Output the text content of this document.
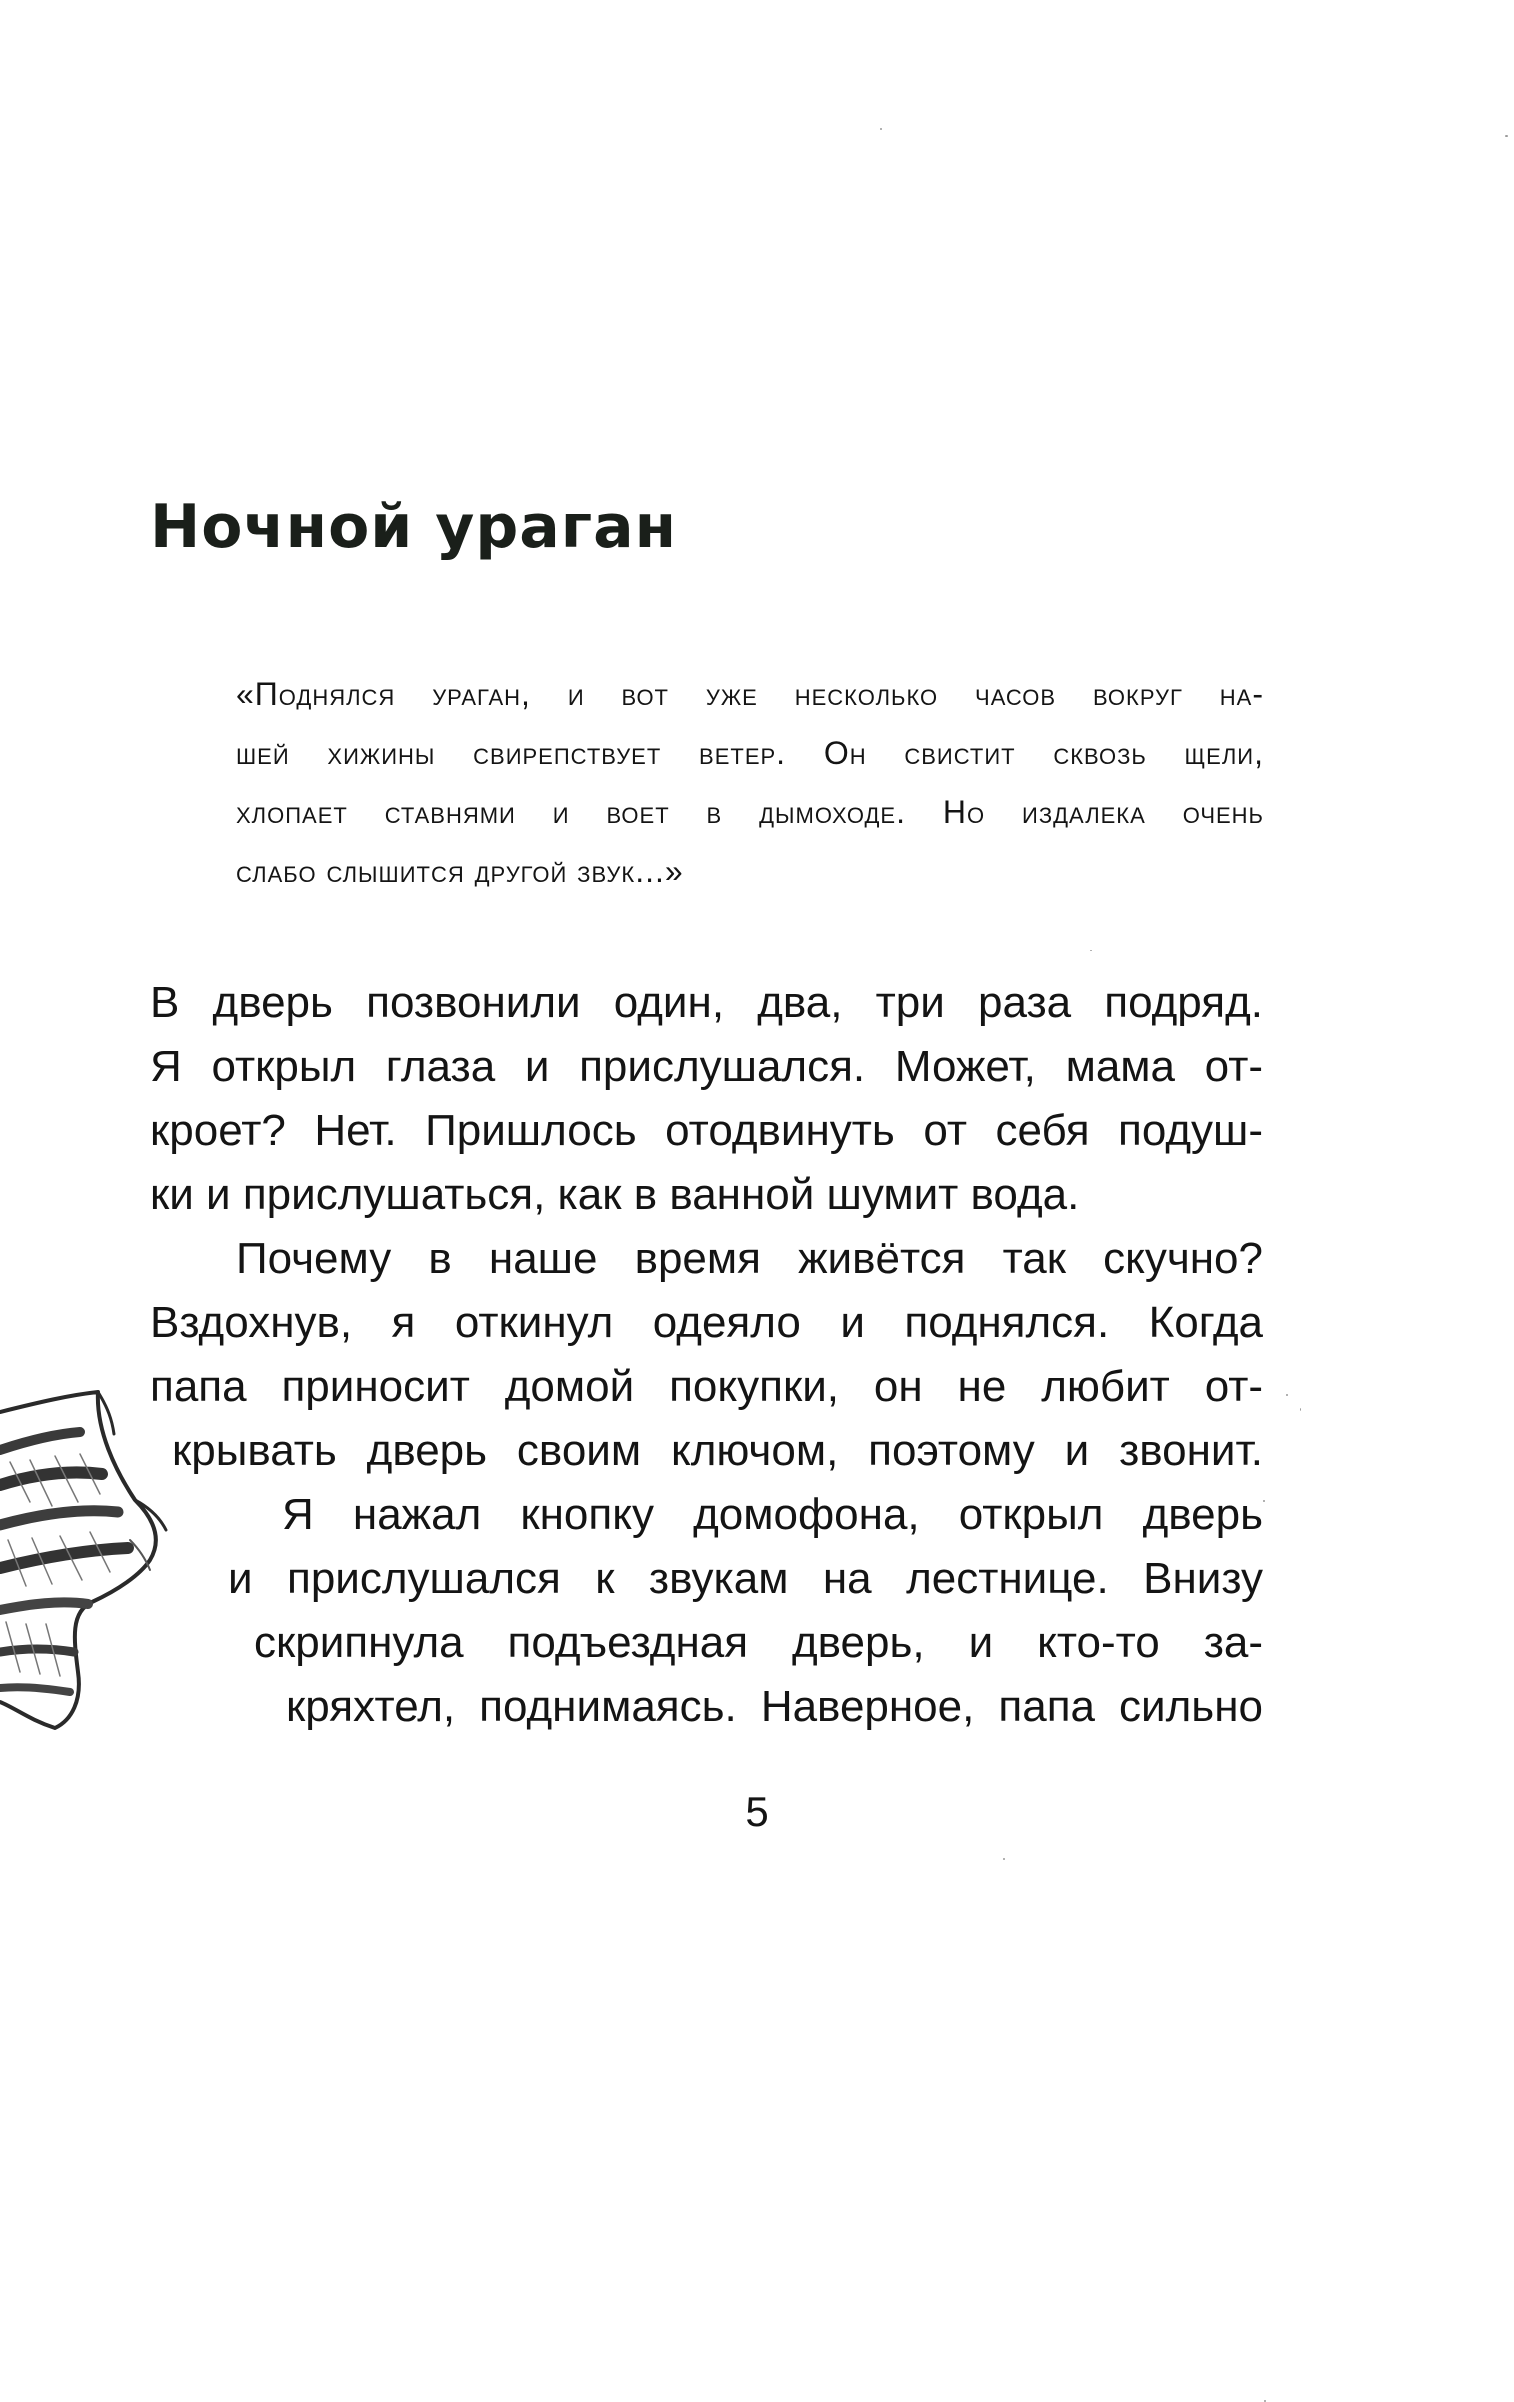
Ночной ураган
«Поднялся ураган, и вот уже несколько часов вокруг на-
шей хижины свирепствует ветер. Он свистит сквозь щели,
хлопает ставнями и воет в дымоходе. Но издалека очень
слабо слышится другой звук...»
В дверь позвонили один, два, три раза подряд.
Я открыл глаза и прислушался. Может, мама от-
кроет? Нет. Пришлось отодвинуть от себя подуш-
ки и прислушаться, как в ванной шумит вода.
Почему в наше время живётся так скучно?
Вздохнув, я откинул одеяло и поднялся. Когда
папа приносит домой покупки, он не любит от-
крывать дверь своим ключом, поэтому и звонит.
Я нажал кнопку домофона, открыл дверь
и прислушался к звукам на лестнице. Внизу
скрипнула подъездная дверь, и кто-то за-
кряхтел, поднимаясь. Наверное, папа сильно
5
